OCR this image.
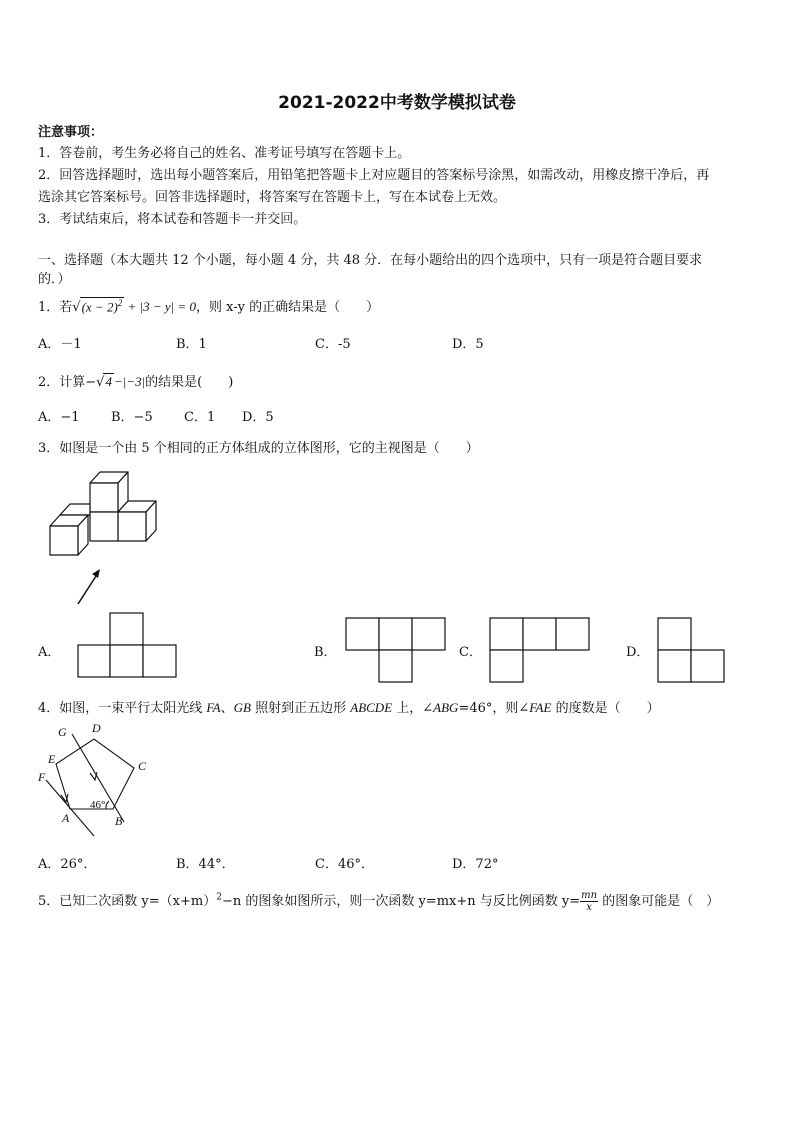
2021-2022中考数学模拟试卷
注意事项：
1．答卷前，考生务必将自己的姓名、准考证号填写在答题卡上。
2．回答选择题时，选出每小题答案后，用铅笔把答题卡上对应题目的答案标号涂黑，如需改动，用橡皮擦干净后，再
选涂其它答案标号。回答非选择题时，将答案写在答题卡上，写在本试卷上无效。
3．考试结束后，将本试卷和答题卡一并交回。
一、选择题（本大题共 12 个小题，每小题 4 分，共 48 分．在每小题给出的四个选项中，只有一项是符合题目要求
的．）
1．若$√(x - 2)^2 + |3 - y| = 0$，则 x-y 的正确结果是（　　）
A．－1	B．1	C．-5	D．5
2．计算−√4 −|−3|的结果是(　　)
A．−1 B．−5 C．1 D．5
3．如图是一个由 5 个相同的正方体组成的立体图形，它的主视图是（　　）
A．	B．	C．	D．
4．如图，一束平行太阳光线 FA、GB 照射到正五边形 ABCDE 上，∠ABG=46°，则∠FAE 的度数是（　　）
G D
C
E
F
A	B
46°
A．26°．	B．44°．	C．46°．	D．72°
5．已知二次函数 $y=(x+m)^2-n$ 的图象如图所示，则一次函数 y=mx+n 与反比例函数 $y= \frac{mn}{x}$ 的图象可能是（　）
